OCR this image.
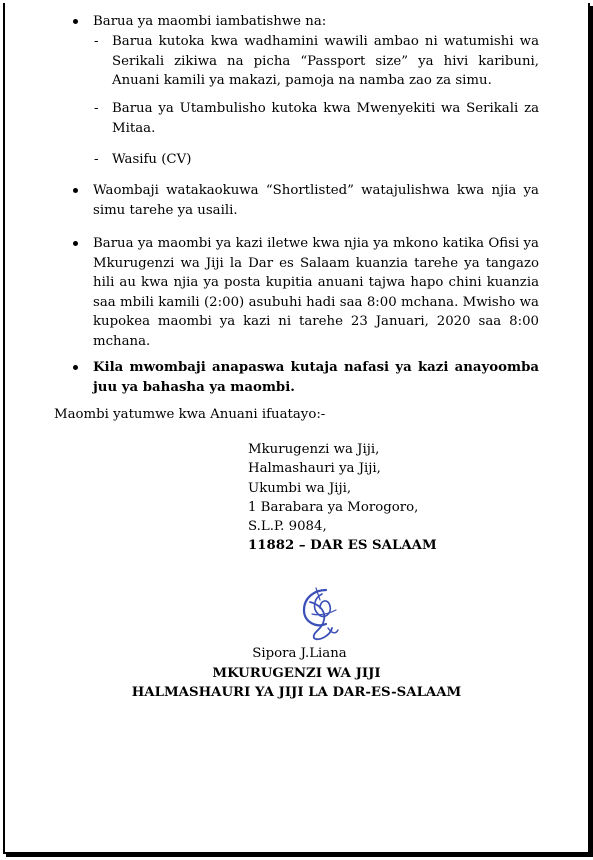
Barua ya maombi iambatishwe na:
- Barua kutoka kwa wadhamini wawili ambao ni watumishi wa Serikali zikiwa na picha “Passport size” ya hivi karibuni, Anuani kamili ya makazi, pamoja na namba zao za simu.
- Barua ya Utambulisho kutoka kwa Mwenyekiti wa Serikali za Mitaa.
- Wasifu (CV)
Waombaji watakaokuwa “Shortlisted” watajulishwa kwa njia ya simu tarehe ya usaili.
Barua ya maombi ya kazi iletwe kwa njia ya mkono katika Ofisi ya Mkurugenzi wa Jiji la Dar es Salaam kuanzia tarehe ya tangazo hili au kwa njia ya posta kupitia anuani tajwa hapo chini kuanzia saa mbili kamili (2:00) asubuhi hadi saa 8:00 mchana. Mwisho wa kupokea maombi ya kazi ni tarehe 23 Januari, 2020 saa 8:00 mchana.
Kila mwombaji anapaswa kutaja nafasi ya kazi anayoomba juu ya bahasha ya maombi.
Maombi yatumwe kwa Anuani ifuatayo:-
Mkurugenzi wa Jiji,
Halmashauri ya Jiji,
Ukumbi wa Jiji,
1 Barabara ya Morogoro,
S.L.P. 9084,
11882 – DAR ES SALAAM
Sipora J.Liana
MKURUGENZI WA JIJI
HALMASHAURI YA JIJI LA DAR-ES-SALAAM
